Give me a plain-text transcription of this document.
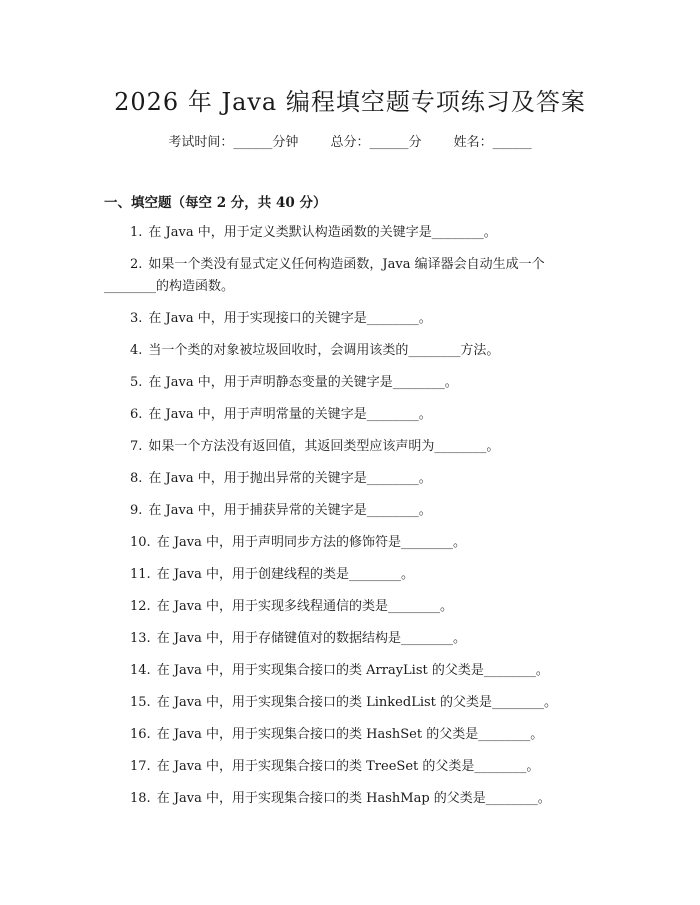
2026 年 Java 编程填空题专项练习及答案
考试时间：______分钟 总分：______分 姓名：______
一、填空题（每空 2 分，共 40 分）
1. 在 Java 中，用于定义类默认构造函数的关键字是________。
2. 如果一个类没有显式定义任何构造函数，Java 编译器会自动生成一个________的构造函数。
3. 在 Java 中，用于实现接口的关键字是________。
4. 当一个类的对象被垃圾回收时，会调用该类的________方法。
5. 在 Java 中，用于声明静态变量的关键字是________。
6. 在 Java 中，用于声明常量的关键字是________。
7. 如果一个方法没有返回值，其返回类型应该声明为________。
8. 在 Java 中，用于抛出异常的关键字是________。
9. 在 Java 中，用于捕获异常的关键字是________。
10. 在 Java 中，用于声明同步方法的修饰符是________。
11. 在 Java 中，用于创建线程的类是________。
12. 在 Java 中，用于实现多线程通信的类是________。
13. 在 Java 中，用于存储键值对的数据结构是________。
14. 在 Java 中，用于实现集合接口的类 ArrayList 的父类是________。
15. 在 Java 中，用于实现集合接口的类 LinkedList 的父类是________。
16. 在 Java 中，用于实现集合接口的类 HashSet 的父类是________。
17. 在 Java 中，用于实现集合接口的类 TreeSet 的父类是________。
18. 在 Java 中，用于实现集合接口的类 HashMap 的父类是________。
